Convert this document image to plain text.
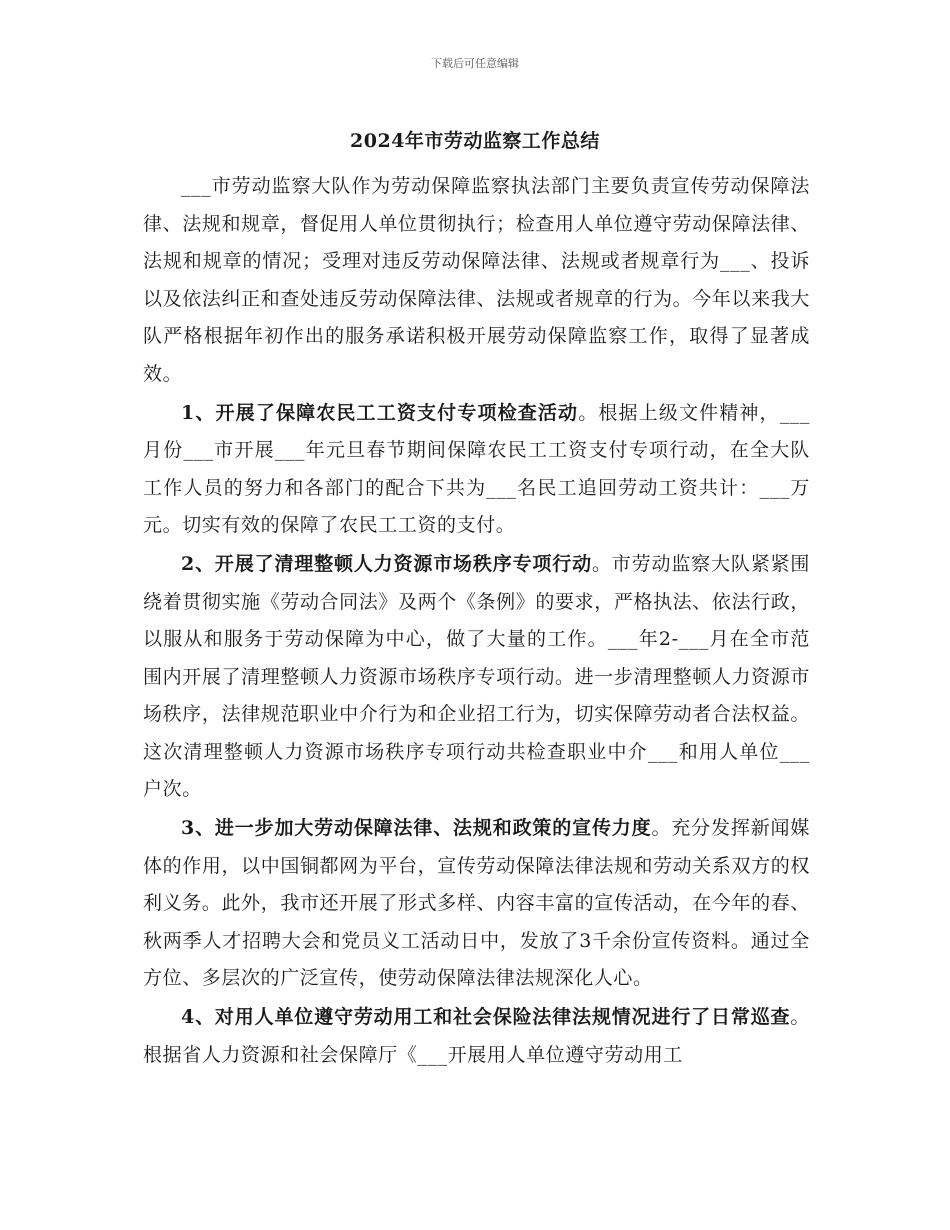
下载后可任意编辑
2024年市劳动监察工作总结

___市劳动监察大队作为劳动保障监察执法部门主要负责宣传劳动保障法律、法规和规章，督促用人单位贯彻执行；检查用人单位遵守劳动保障法律、法规和规章的情况；受理对违反劳动保障法律、法规或者规章行为___、投诉以及依法纠正和查处违反劳动保障法律、法规或者规章的行为。今年以来我大队严格根据年初作出的服务承诺积极开展劳动保障监察工作，取得了显著成效。

1、开展了保障农民工工资支付专项检查活动。根据上级文件精神，___月份___市开展___年元旦春节期间保障农民工工资支付专项行动，在全大队工作人员的努力和各部门的配合下共为___名民工追回劳动工资共计：___万元。切实有效的保障了农民工工资的支付。

2、开展了清理整顿人力资源市场秩序专项行动。市劳动监察大队紧紧围绕着贯彻实施《劳动合同法》及两个《条例》的要求，严格执法、依法行政，以服从和服务于劳动保障为中心，做了大量的工作。___年2-___月在全市范围内开展了清理整顿人力资源市场秩序专项行动。进一步清理整顿人力资源市场秩序，法律规范职业中介行为和企业招工行为，切实保障劳动者合法权益。这次清理整顿人力资源市场秩序专项行动共检查职业中介___和用人单位___户次。

3、进一步加大劳动保障法律、法规和政策的宣传力度。充分发挥新闻媒体的作用，以中国铜都网为平台，宣传劳动保障法律法规和劳动关系双方的权利义务。此外，我市还开展了形式多样、内容丰富的宣传活动，在今年的春、秋两季人才招聘大会和党员义工活动日中，发放了3千余份宣传资料。通过全方位、多层次的广泛宣传，使劳动保障法律法规深化人心。

4、对用人单位遵守劳动用工和社会保险法律法规情况进行了日常巡查。根据省人力资源和社会保障厅《___开展用人单位遵守劳动用工
